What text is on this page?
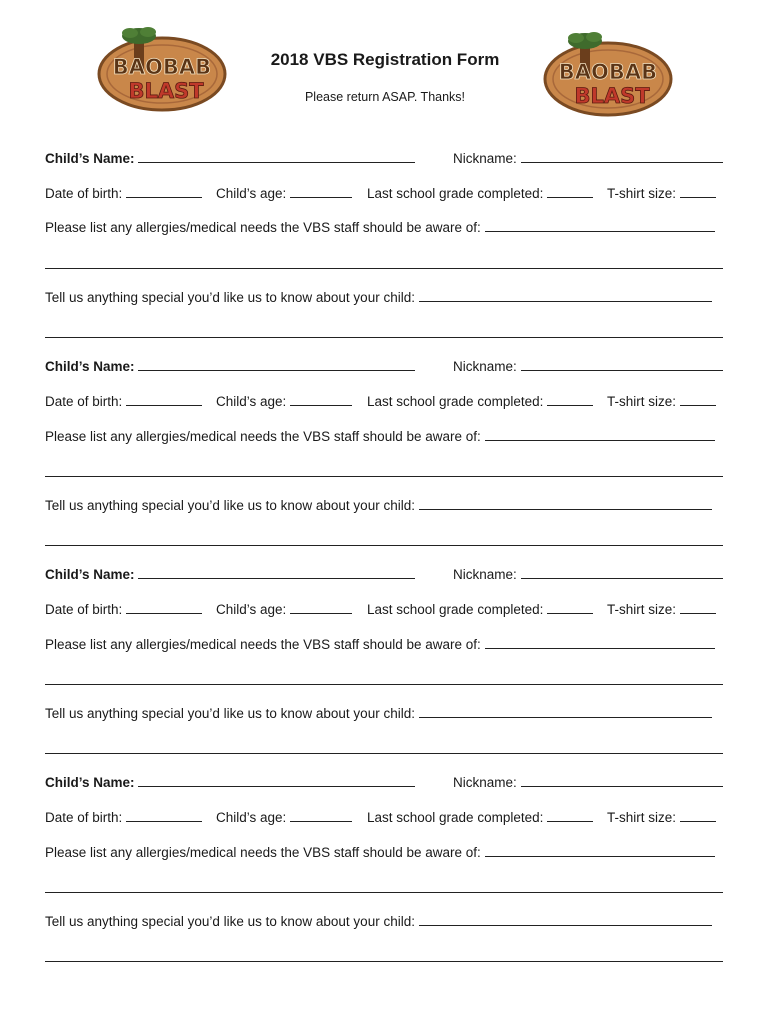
BAOBAB
BLAST
BAOBAB
BLAST
2018 VBS Registration Form
Please return ASAP. Thanks!
Child’s Name:	Nickname:
Date of birth:	Child’s age:	Last school grade completed:	T-shirt size:
Please list any allergies/medical needs the VBS staff should be aware of:
Tell us anything special you’d like us to know about your child:
Child’s Name:	Nickname:
Date of birth:	Child’s age:	Last school grade completed:	T-shirt size:
Please list any allergies/medical needs the VBS staff should be aware of:
Tell us anything special you’d like us to know about your child:
Child’s Name:	Nickname:
Date of birth:	Child’s age:	Last school grade completed:	T-shirt size:
Please list any allergies/medical needs the VBS staff should be aware of:
Tell us anything special you’d like us to know about your child:
Child’s Name:	Nickname:
Date of birth:	Child’s age:	Last school grade completed:	T-shirt size:
Please list any allergies/medical needs the VBS staff should be aware of:
Tell us anything special you’d like us to know about your child:
